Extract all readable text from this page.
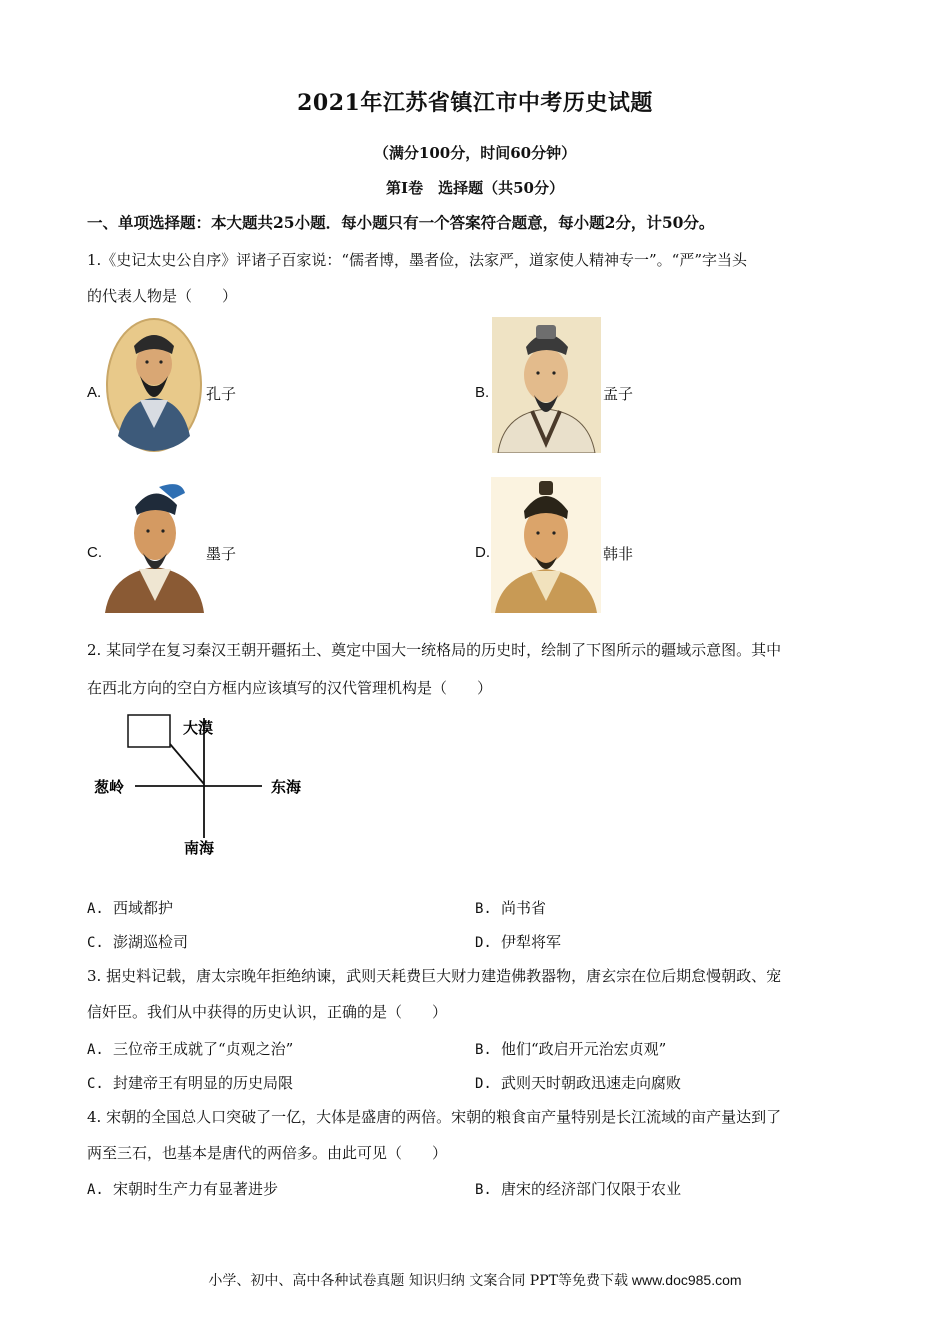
2021年江苏省镇江市中考历史试题
（满分100分，时间60分钟）
第Ⅰ卷　选择题（共50分）
一、单项选择题：本大题共25小题．每小题只有一个答案符合题意，每小题2分，计50分。
1.《史记太史公自序》评诸子百家说：“儒者博，墨者俭，法家严，道家使人精神专一”。“严”字当头
的代表人物是（　　）
A.	孔子	B.	孟子
C.	墨子	D.	韩非
2. 某同学在复习秦汉王朝开疆拓土、奠定中国大一统格局的历史时，绘制了下图所示的疆域示意图。其中
在西北方向的空白方框内应该填写的汉代管理机构是（　　）
大漠
葱岭	东海
南海
A. 西域都护	B. 尚书省
C. 澎湖巡检司	D. 伊犁将军
3. 据史料记载，唐太宗晚年拒绝纳谏，武则天耗费巨大财力建造佛教器物，唐玄宗在位后期怠慢朝政、宠
信奸臣。我们从中获得的历史认识，正确的是（　　）
A. 三位帝王成就了“贞观之治”	B. 他们“政启开元治宏贞观”
C. 封建帝王有明显的历史局限	D. 武则天时朝政迅速走向腐败
4. 宋朝的全国总人口突破了一亿，大体是盛唐的两倍。宋朝的粮食亩产量特别是长江流域的亩产量达到了
两至三石，也基本是唐代的两倍多。由此可见（　　）
A. 宋朝时生产力有显著进步	B. 唐宋的经济部门仅限于农业
小学、初中、高中各种试卷真题 知识归纳 文案合同 PPT等免费下载 www.doc985.com
